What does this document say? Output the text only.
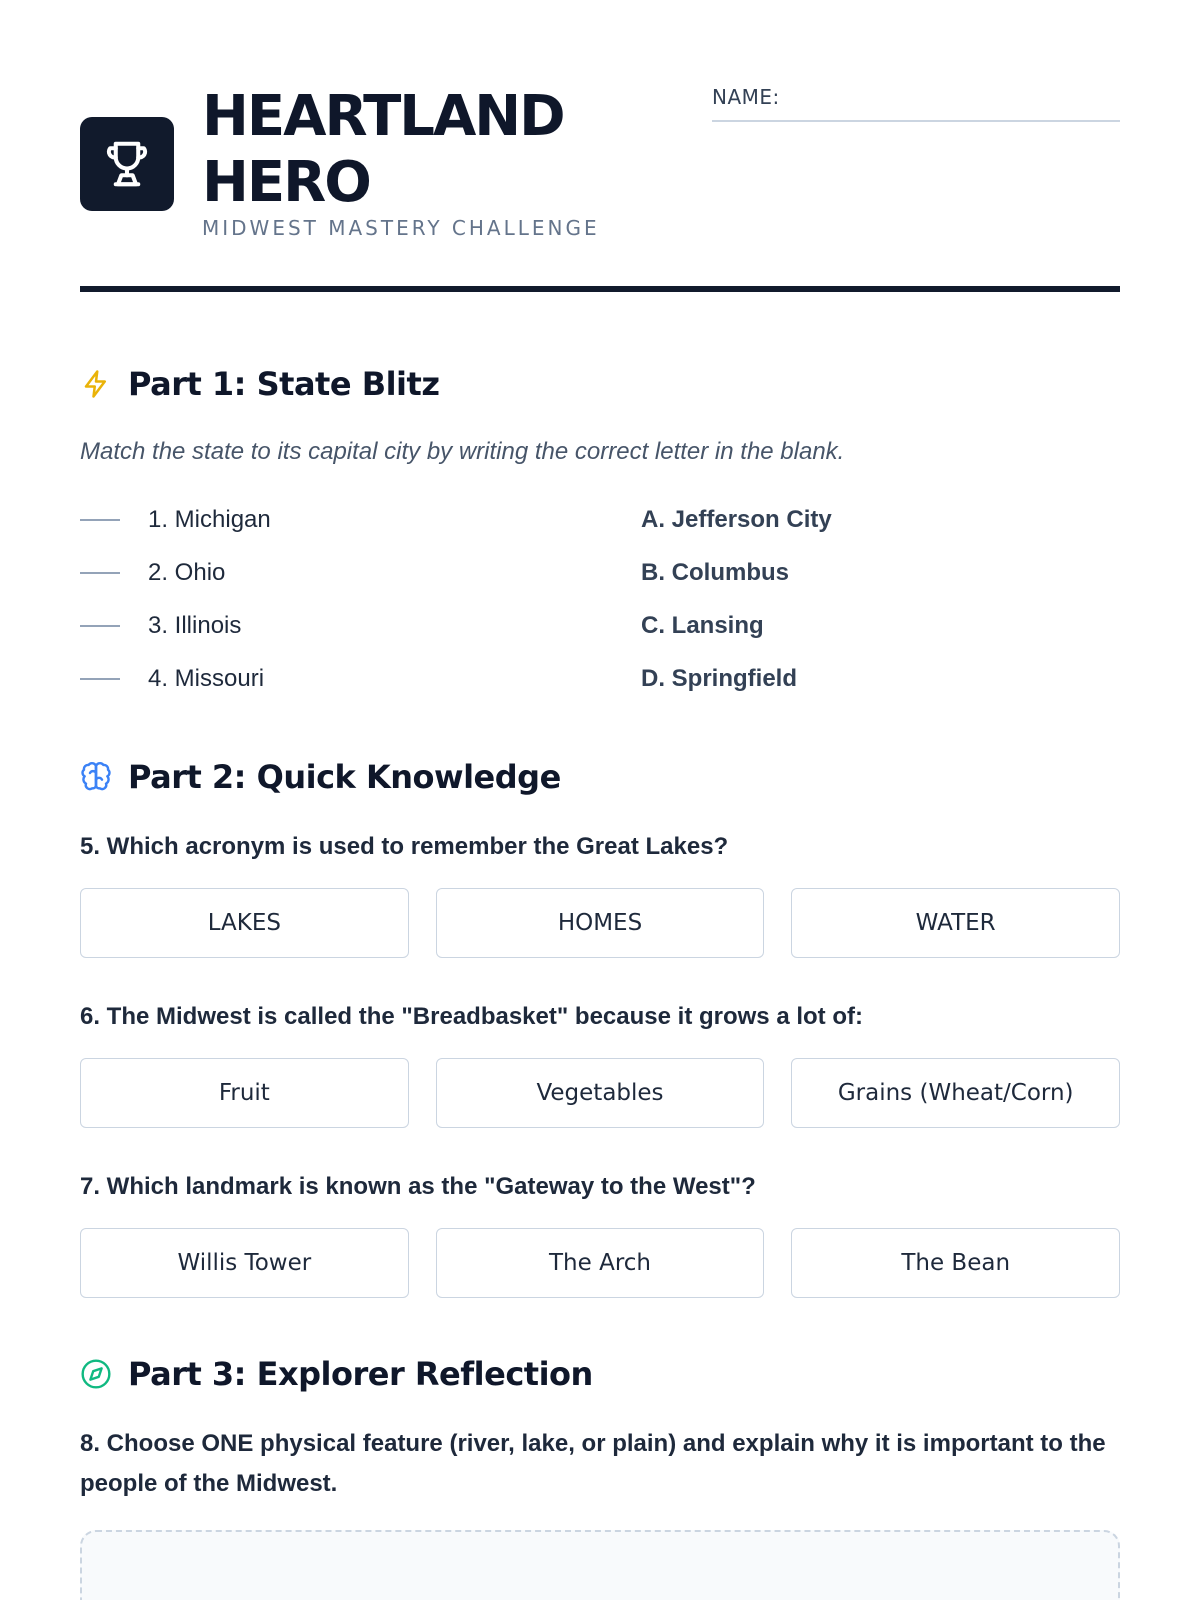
HEARTLAND HERO
MIDWEST MASTERY CHALLENGE
NAME:
Part 1: State Blitz
Match the state to its capital city by writing the correct letter in the blank.
1. Michigan	A. Jefferson City
2. Ohio	B. Columbus
3. Illinois	C. Lansing
4. Missouri	D. Springfield
Part 2: Quick Knowledge
5. Which acronym is used to remember the Great Lakes?
LAKES	HOMES	WATER
6. The Midwest is called the "Breadbasket" because it grows a lot of:
Fruit	Vegetables	Grains (Wheat/Corn)
7. Which landmark is known as the "Gateway to the West"?
Willis Tower	The Arch	The Bean
Part 3: Explorer Reflection
8. Choose ONE physical feature (river, lake, or plain) and explain why it is important to the people of the Midwest.
